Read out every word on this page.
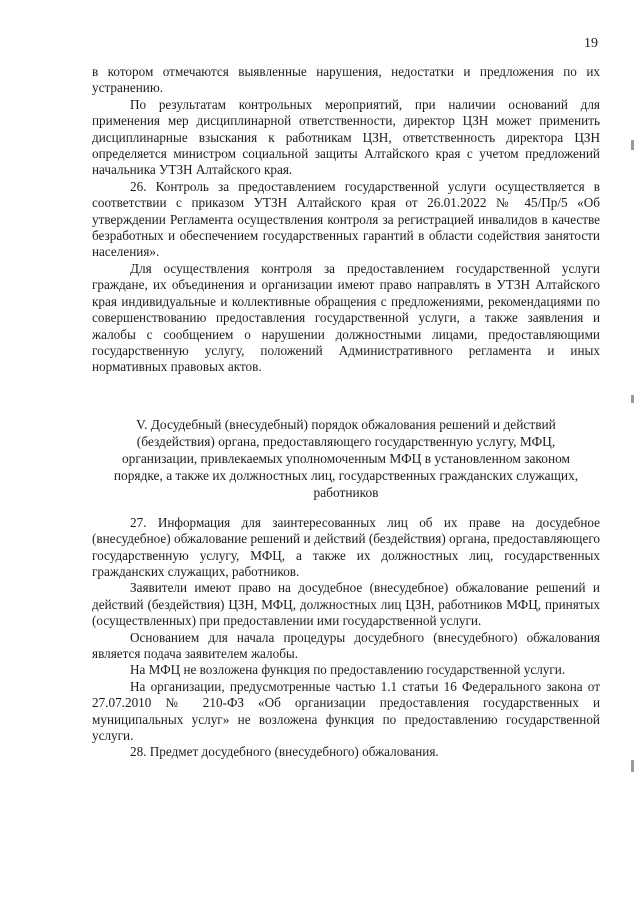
19

в котором отмечаются выявленные нарушения, недостатки и предложения по их устранению.

По результатам контрольных мероприятий, при наличии оснований для применения мер дисциплинарной ответственности, директор ЦЗН может применить дисциплинарные взыскания к работникам ЦЗН, ответственность директора ЦЗН определяется министром социальной защиты Алтайского края с учетом предложений начальника УТЗН Алтайского края.

26. Контроль за предоставлением государственной услуги осуществляется в соответствии с приказом УТЗН Алтайского края от 26.01.2022 № 45/Пр/5 «Об утверждении Регламента осуществления контроля за регистрацией инвалидов в качестве безработных и обеспечением государственных гарантий в области содействия занятости населения».

Для осуществления контроля за предоставлением государственной услуги граждане, их объединения и организации имеют право направлять в УТЗН Алтайского края индивидуальные и коллективные обращения с предложениями, рекомендациями по совершенствованию предоставления государственной услуги, а также заявления и жалобы с сообщением о нарушении должностными лицами, предоставляющими государственную услугу, положений Административного регламента и иных нормативных правовых актов.

V. Досудебный (внесудебный) порядок обжалования решений и действий (бездействия) органа, предоставляющего государственную услугу, МФЦ, организации, привлекаемых уполномоченным МФЦ в установленном законом порядке, а также их должностных лиц, государственных гражданских служащих, работников

27. Информация для заинтересованных лиц об их праве на досудебное (внесудебное) обжалование решений и действий (бездействия) органа, предоставляющего государственную услугу, МФЦ, а также их должностных лиц, государственных гражданских служащих, работников.

Заявители имеют право на досудебное (внесудебное) обжалование решений и действий (бездействия) ЦЗН, МФЦ, должностных лиц ЦЗН, работников МФЦ, принятых (осуществленных) при предоставлении ими государственной услуги.

Основанием для начала процедуры досудебного (внесудебного) обжалования является подача заявителем жалобы.

На МФЦ не возложена функция по предоставлению государственной услуги.

На организации, предусмотренные частью 1.1 статьи 16 Федерального закона от 27.07.2010 № 210-ФЗ «Об организации предоставления государственных и муниципальных услуг» не возложена функция по предоставлению государственной услуги.

28. Предмет досудебного (внесудебного) обжалования.
